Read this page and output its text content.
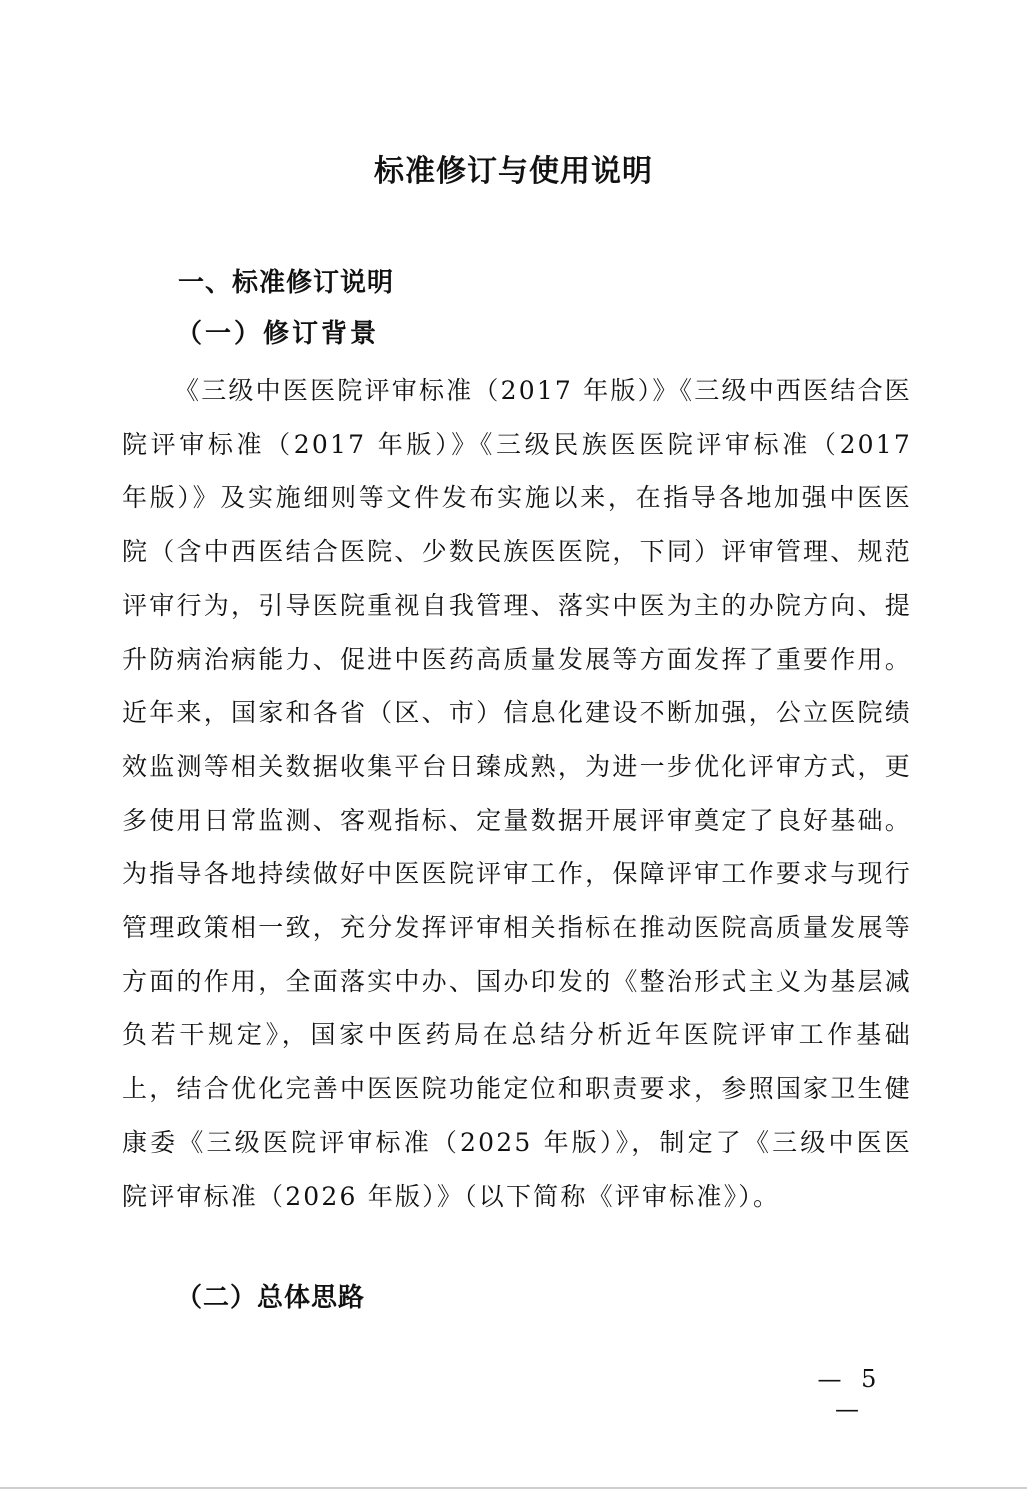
标准修订与使用说明
一、标准修订说明
（一）修订背景

《三级中医医院评审标准（2017 年版）》《三级中西医结合医院评审标准（2017 年版）》《三级民族医医院评审标准（2017 年版）》及实施细则等文件发布实施以来，在指导各地加强中医医院（含中西医结合医院、少数民族医医院，下同）评审管理、规范评审行为，引导医院重视自我管理、落实中医为主的办院方向、提升防病治病能力、促进中医药高质量发展等方面发挥了重要作用。近年来，国家和各省（区、市）信息化建设不断加强，公立医院绩效监测等相关数据收集平台日臻成熟，为进一步优化评审方式，更多使用日常监测、客观指标、定量数据开展评审奠定了良好基础。为指导各地持续做好中医医院评审工作，保障评审工作要求与现行管理政策相一致，充分发挥评审相关指标在推动医院高质量发展等方面的作用，全面落实中办、国办印发的《整治形式主义为基层减负若干规定》，国家中医药局在总结分析近年医院评审工作基础上，结合优化完善中医医院功能定位和职责要求，参照国家卫生健康委《三级医院评审标准（2025 年版）》，制定了《三级中医医院评审标准（2026 年版）》（以下简称《评审标准》）。

（二）总体思路
— 5 —
